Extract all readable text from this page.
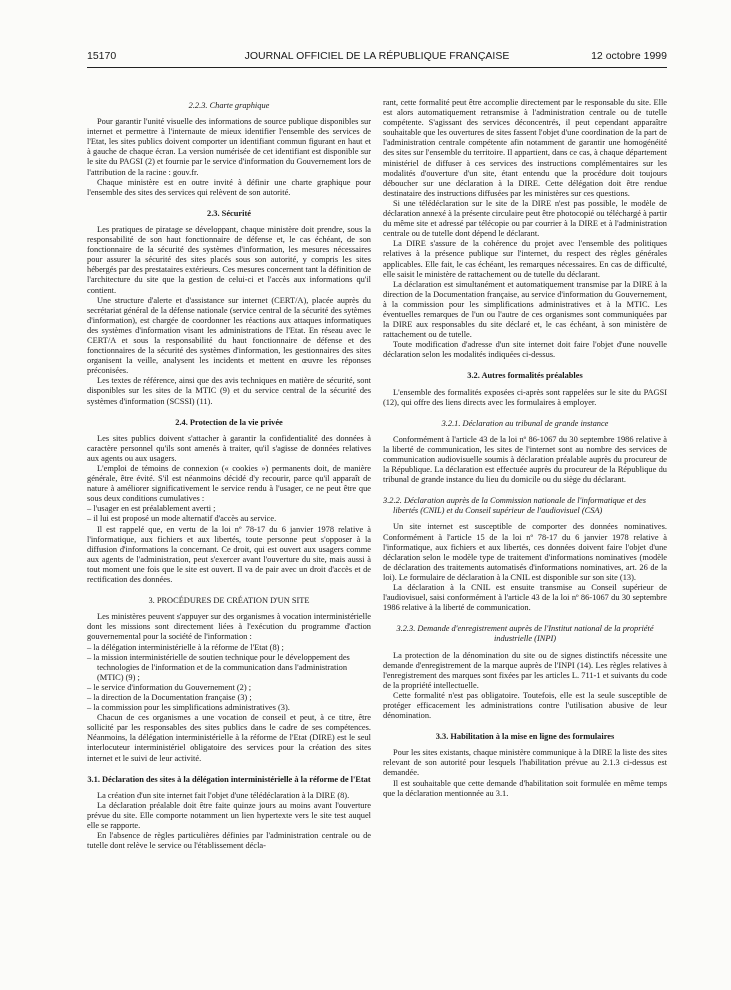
15170	JOURNAL OFFICIEL DE LA RÉPUBLIQUE FRANÇAISE	12 octobre 1999
2.2.3. Charte graphique

Pour garantir l'unité visuelle des informations de source publique disponibles sur internet et permettre à l'internaute de mieux identifier l'ensemble des services de l'Etat, les sites publics doivent comporter un identifiant commun figurant en haut et à gauche de chaque écran. La version numérisée de cet identifiant est disponible sur le site du PAGSI (2) et fournie par le service d'information du Gouvernement lors de l'attribution de la racine : gouv.fr.

Chaque ministère est en outre invité à définir une charte graphique pour l'ensemble des sites des services qui relèvent de son autorité.

2.3. Sécurité

Les pratiques de piratage se développant, chaque ministère doit prendre, sous la responsabilité de son haut fonctionnaire de défense et, le cas échéant, de son fonctionnaire de la sécurité des systèmes d'information, les mesures nécessaires pour assurer la sécurité des sites placés sous son autorité, y compris les sites hébergés par des prestataires extérieurs. Ces mesures concernent tant la définition de l'architecture du site que la gestion de celui-ci et l'accès aux informations qu'il contient.

Une structure d'alerte et d'assistance sur internet (CERT/A), placée auprès du secrétariat général de la défense nationale (service central de la sécurité des sytèmes d'information), est chargée de coordonner les réactions aux attaques informatiques des systèmes d'information visant les administrations de l'Etat. En réseau avec le CERT/A et sous la responsabilité du haut fonctionnaire de défense et des fonctionnaires de la sécurité des systèmes d'information, les gestionnaires des sites organisent la veille, analysent les incidents et mettent en œuvre les réponses préconisées.

Les textes de référence, ainsi que des avis techniques en matière de sécurité, sont disponibles sur les sites de la MTIC (9) et du service central de la sécurité des systèmes d'information (SCSSI) (11).

2.4. Protection de la vie privée

Les sites publics doivent s'attacher à garantir la confidentialité des données à caractère personnel qu'ils sont amenés à traiter, qu'il s'agisse de données relatives aux agents ou aux usagers.

L'emploi de témoins de connexion (« cookies ») permanents doit, de manière générale, être évité. S'il est néanmoins décidé d'y recourir, parce qu'il apparaît de nature à améliorer significativement le service rendu à l'usager, ce ne peut être que sous deux conditions cumulatives :

– l'usager en est préalablement averti ;

– il lui est proposé un mode alternatif d'accès au service.

Il est rappelé que, en vertu de la loi nº 78-17 du 6 janvier 1978 relative à l'informatique, aux fichiers et aux libertés, toute personne peut s'opposer à la diffusion d'informations la concernant. Ce droit, qui est ouvert aux usagers comme aux agents de l'administration, peut s'exercer avant l'ouverture du site, mais aussi à tout moment une fois que le site est ouvert. Il va de pair avec un droit d'accès et de rectification des données.

3. PROCÉDURES DE CRÉATION D'UN SITE

Les ministères peuvent s'appuyer sur des organismes à vocation interministérielle dont les missions sont directement liées à l'exécution du programme d'action gouvernemental pour la société de l'information :

– la délégation interministérielle à la réforme de l'Etat (8) ;

– la mission interministérielle de soutien technique pour le développement des technologies de l'information et de la communication dans l'administration (MTIC) (9) ;

– le service d'information du Gouvernement (2) ;

– la direction de la Documentation française (3) ;

– la commission pour les simplifications administratives (3).

Chacun de ces organismes a une vocation de conseil et peut, à ce titre, être sollicité par les responsables des sites publics dans le cadre de ses compétences. Néanmoins, la délégation interministérielle à la réforme de l'Etat (DIRE) est le seul interlocuteur interministériel obligatoire des services pour la création des sites internet et le suivi de leur activité.

3.1. Déclaration des sites à la délégation interministérielle à la réforme de l'Etat

La création d'un site internet fait l'objet d'une télédéclaration à la DIRE (8).

La déclaration préalable doit être faite quinze jours au moins avant l'ouverture prévue du site. Elle comporte notamment un lien hypertexte vers le site test auquel elle se rapporte.

En l'absence de règles particulières définies par l'administration centrale ou de tutelle dont relève le service ou l'établissement décla-

rant, cette formalité peut être accomplie directement par le responsable du site. Elle est alors automatiquement retransmise à l'administration centrale ou de tutelle compétente. S'agissant des services déconcentrés, il peut cependant apparaître souhaitable que les ouvertures de sites fassent l'objet d'une coordination de la part de l'administration centrale compétente afin notamment de garantir une homogénéité des sites sur l'ensemble du territoire. Il appartient, dans ce cas, à chaque département ministériel de diffuser à ces services des instructions complémentaires sur les modalités d'ouverture d'un site, étant entendu que la procédure doit toujours déboucher sur une déclaration à la DIRE. Cette délégation doit être rendue destinataire des instructions diffusées par les ministères sur ces questions.

Si une télédéclaration sur le site de la DIRE n'est pas possible, le modèle de déclaration annexé à la présente circulaire peut être photocopié ou téléchargé à partir du même site et adressé par télécopie ou par courrier à la DIRE et à l'administration centrale ou de tutelle dont dépend le déclarant.

La DIRE s'assure de la cohérence du projet avec l'ensemble des politiques relatives à la présence publique sur l'internet, du respect des règles générales applicables. Elle fait, le cas échéant, les remarques nécessaires. En cas de difficulté, elle saisit le ministère de rattachement ou de tutelle du déclarant.

La déclaration est simultanément et automatiquement transmise par la DIRE à la direction de la Documentation française, au service d'information du Gouvernement, à la commission pour les simplifications administratives et à la MTIC. Les éventuelles remarques de l'un ou l'autre de ces organismes sont communiquées par la DIRE aux responsables du site déclaré et, le cas échéant, à son ministère de rattachement ou de tutelle.

Toute modification d'adresse d'un site internet doit faire l'objet d'une nouvelle déclaration selon les modalités indiquées ci-dessus.

3.2. Autres formalités préalables

L'ensemble des formalités exposées ci-après sont rappelées sur le site du PAGSI (12), qui offre des liens directs avec les formulaires à employer.

3.2.1. Déclaration au tribunal de grande instance

Conformément à l'article 43 de la loi nº 86-1067 du 30 septembre 1986 relative à la liberté de communication, les sites de l'internet sont au nombre des services de communication audiovisuelle soumis à déclaration préalable auprès du procureur de la République. La déclaration est effectuée auprès du procureur de la République du tribunal de grande instance du lieu du domicile ou du siège du déclarant.

3.2.2. Déclaration auprès de la Commission nationale de l'informatique et des libertés (CNIL) et du Conseil supérieur de l'audiovisuel (CSA)

Un site internet est susceptible de comporter des données nominatives. Conformément à l'article 15 de la loi nº 78-17 du 6 janvier 1978 relative à l'informatique, aux fichiers et aux libertés, ces données doivent faire l'objet d'une déclaration selon le modèle type de traitement d'informations nominatives (modèle de déclaration des traitements automatisés d'informations nominatives, art. 26 de la loi). Le formulaire de déclaration à la CNIL est disponible sur son site (13).

La déclaration à la CNIL est ensuite transmise au Conseil supérieur de l'audiovisuel, saisi conformément à l'article 43 de la loi nº 86-1067 du 30 septembre 1986 relative à la liberté de communication.

3.2.3. Demande d'enregistrement auprès de l'Institut national de la propriété industrielle (INPI)

La protection de la dénomination du site ou de signes distinctifs nécessite une demande d'enregistrement de la marque auprès de l'INPI (14). Les règles relatives à l'enregistrement des marques sont fixées par les articles L. 711-1 et suivants du code de la propriété intellectuelle.

Cette formalité n'est pas obligatoire. Toutefois, elle est la seule susceptible de protéger efficacement les administrations contre l'utilisation abusive de leur dénomination.

3.3. Habilitation à la mise en ligne des formulaires

Pour les sites existants, chaque ministère communique à la DIRE la liste des sites relevant de son autorité pour lesquels l'habilitation prévue au 2.1.3 ci-dessus est demandée.

Il est souhaitable que cette demande d'habilitation soit formulée en même temps que la déclaration mentionnée au 3.1.
